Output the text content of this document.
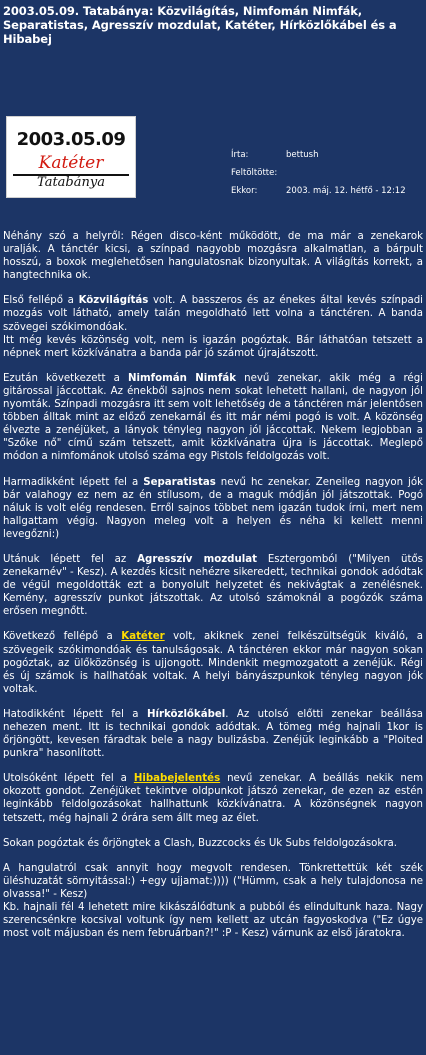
2003.05.09. Tatabánya: Közvilágítás, Nimfomán Nimfák, Separatistas, Agresszív mozdulat, Katéter, Hírközlőkábel és a Hibabej
2003.05.09
Katéter
Tatabánya
Írta:	bettush
Feltöltötte:
Ekkor:	2003. máj. 12. hétfő - 12:12

Néhány szó a helyről: Régen disco-ként működött, de ma már a zenekarok uralják. A tánctér kicsi, a színpad nagyobb mozgásra alkalmatlan, a bárpult hosszú, a boxok meglehetősen hangulatosnak bizonyultak. A világítás korrekt, a hangtechnika ok.

Első fellépő a Közvilágítás volt. A basszeros és az énekes által kevés színpadi mozgás volt látható, amely talán megoldható lett volna a tánctéren. A banda szövegei szókimondóak.
Itt még kevés közönség volt, nem is igazán pogóztak. Bár láthatóan tetszett a népnek mert közkívánatra a banda pár jó számot újrajátszott.

Ezután következett a Nimfomán Nimfák nevű zenekar, akik még a régi gitárossal jáccottak. Az énekből sajnos nem sokat lehetett hallani, de nagyon jól nyomták. Színpadi mozgásra itt sem volt lehetőség de a tánctéren már jelentősen többen álltak mint az előző zenekarnál és itt már némi pogó is volt. A közönség élvezte a zenéjüket, a lányok tényleg nagyon jól jáccottak. Nekem legjobban a "Szőke nő" című szám tetszett, amit közkívánatra újra is jáccottak. Meglepő módon a nimfománok utolsó száma egy Pistols feldolgozás volt.

Harmadikként lépett fel a Separatistas nevű hc zenekar. Zeneileg nagyon jók bár valahogy ez nem az én stílusom, de a maguk módján jól játszottak. Pogó náluk is volt elég rendesen. Erről sajnos többet nem igazán tudok írni, mert nem hallgattam végig. Nagyon meleg volt a helyen és néha ki kellett menni levegőzni:)

Utánuk lépett fel az Agresszív mozdulat Esztergomból ("Milyen ütős zenekarnév" - Kesz). A kezdés kicsit nehézre sikeredett, technikai gondok adódtak de végül megoldották ezt a bonyolult helyzetet és nekivágtak a zenélésnek. Kemény, agresszív punkot játszottak. Az utolsó számoknál a pogózók száma erősen megnőtt.

Következő fellépő a Katéter volt, akiknek zenei felkészültségük kiváló, a szövegeik szókimondóak és tanulságosak. A tánctéren ekkor már nagyon sokan pogóztak, az ülőközönség is ujjongott. Mindenkit megmozgatott a zenéjük. Régi és új számok is hallhatóak voltak. A helyi bányászpunkok tényleg nagyon jók voltak.

Hatodikként lépett fel a Hírközlőkábel. Az utolsó előtti zenekar beállása nehezen ment. Itt is technikai gondok adódtak. A tömeg még hajnali 1kor is őrjöngött, kevesen fáradtak bele a nagy bulizásba. Zenéjük leginkább a "Ploited punkra" hasonlított.

Utolsóként lépett fel a Hibabejelentés nevű zenekar. A beállás nekik nem okozott gondot. Zenéjüket tekintve oldpunkot játszó zenekar, de ezen az estén leginkább feldolgozásokat hallhattunk közkívánatra. A közönségnek nagyon tetszett, még hajnali 2 órára sem állt meg az élet.

Sokan pogóztak és őrjöngtek a Clash, Buzzcocks és Uk Subs feldolgozásokra.

A hangulatról csak annyit hogy megvolt rendesen. Tönkrettettük két szék üléshuzatát sörnyitással:) +egy ujjamat:)))) ("Hümm, csak a hely tulajdonosa ne olvassa!" - Kesz)
Kb. hajnali fél 4 lehetett mire kikászálódtunk a pubból és elindultunk haza. Nagy szerencsénkre kocsival voltunk így nem kellett az utcán fagyoskodva ("Ez úgye most volt májusban és nem februárban?!" :P - Kesz) várnunk az első járatokra.
